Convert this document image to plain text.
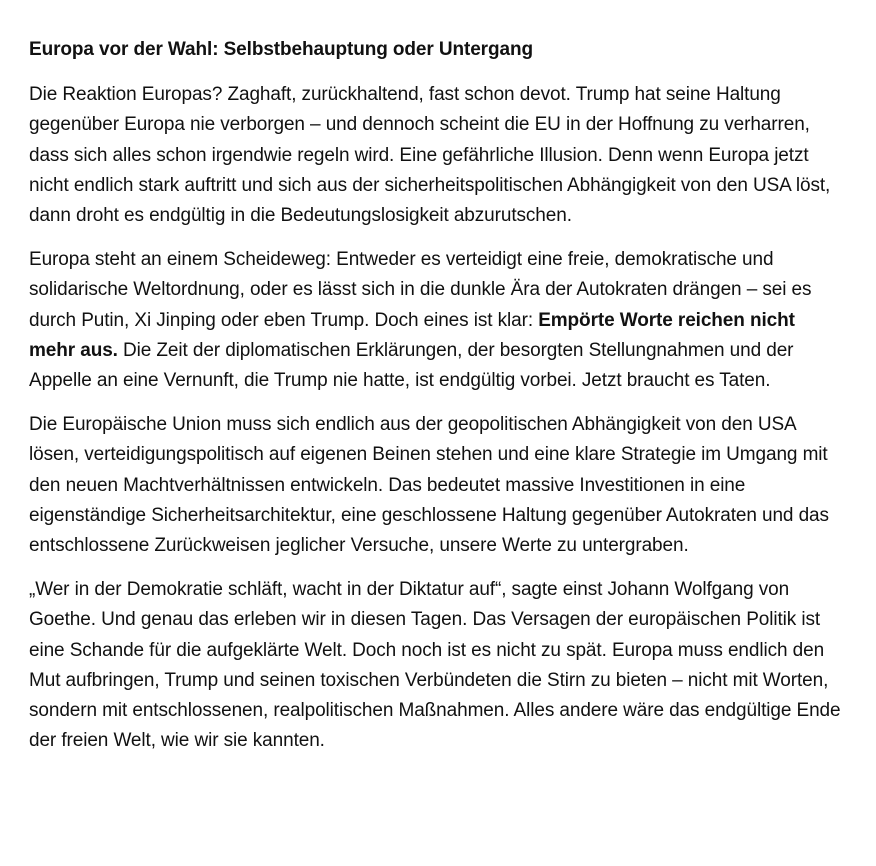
Europa vor der Wahl: Selbstbehauptung oder Untergang

Die Reaktion Europas? Zaghaft, zurückhaltend, fast schon devot. Trump hat seine Haltung gegenüber Europa nie verborgen – und dennoch scheint die EU in der Hoffnung zu verharren, dass sich alles schon irgendwie regeln wird. Eine gefährliche Illusion. Denn wenn Europa jetzt nicht endlich stark auftritt und sich aus der sicherheitspolitischen Abhängigkeit von den USA löst, dann droht es endgültig in die Bedeutungslosigkeit abzurutschen.

Europa steht an einem Scheideweg: Entweder es verteidigt eine freie, demokratische und solidarische Weltordnung, oder es lässt sich in die dunkle Ära der Autokraten drängen – sei es durch Putin, Xi Jinping oder eben Trump. Doch eines ist klar: Empörte Worte reichen nicht mehr aus. Die Zeit der diplomatischen Erklärungen, der besorgten Stellungnahmen und der Appelle an eine Vernunft, die Trump nie hatte, ist endgültig vorbei. Jetzt braucht es Taten.

Die Europäische Union muss sich endlich aus der geopolitischen Abhängigkeit von den USA lösen, verteidigungspolitisch auf eigenen Beinen stehen und eine klare Strategie im Umgang mit den neuen Machtverhältnissen entwickeln. Das bedeutet massive Investitionen in eine eigenständige Sicherheitsarchitektur, eine geschlossene Haltung gegenüber Autokraten und das entschlossene Zurückweisen jeglicher Versuche, unsere Werte zu untergraben.

„Wer in der Demokratie schläft, wacht in der Diktatur auf“, sagte einst Johann Wolfgang von Goethe. Und genau das erleben wir in diesen Tagen. Das Versagen der europäischen Politik ist eine Schande für die aufgeklärte Welt. Doch noch ist es nicht zu spät. Europa muss endlich den Mut aufbringen, Trump und seinen toxischen Verbündeten die Stirn zu bieten – nicht mit Worten, sondern mit entschlossenen, realpolitischen Maßnahmen. Alles andere wäre das endgültige Ende der freien Welt, wie wir sie kannten.
